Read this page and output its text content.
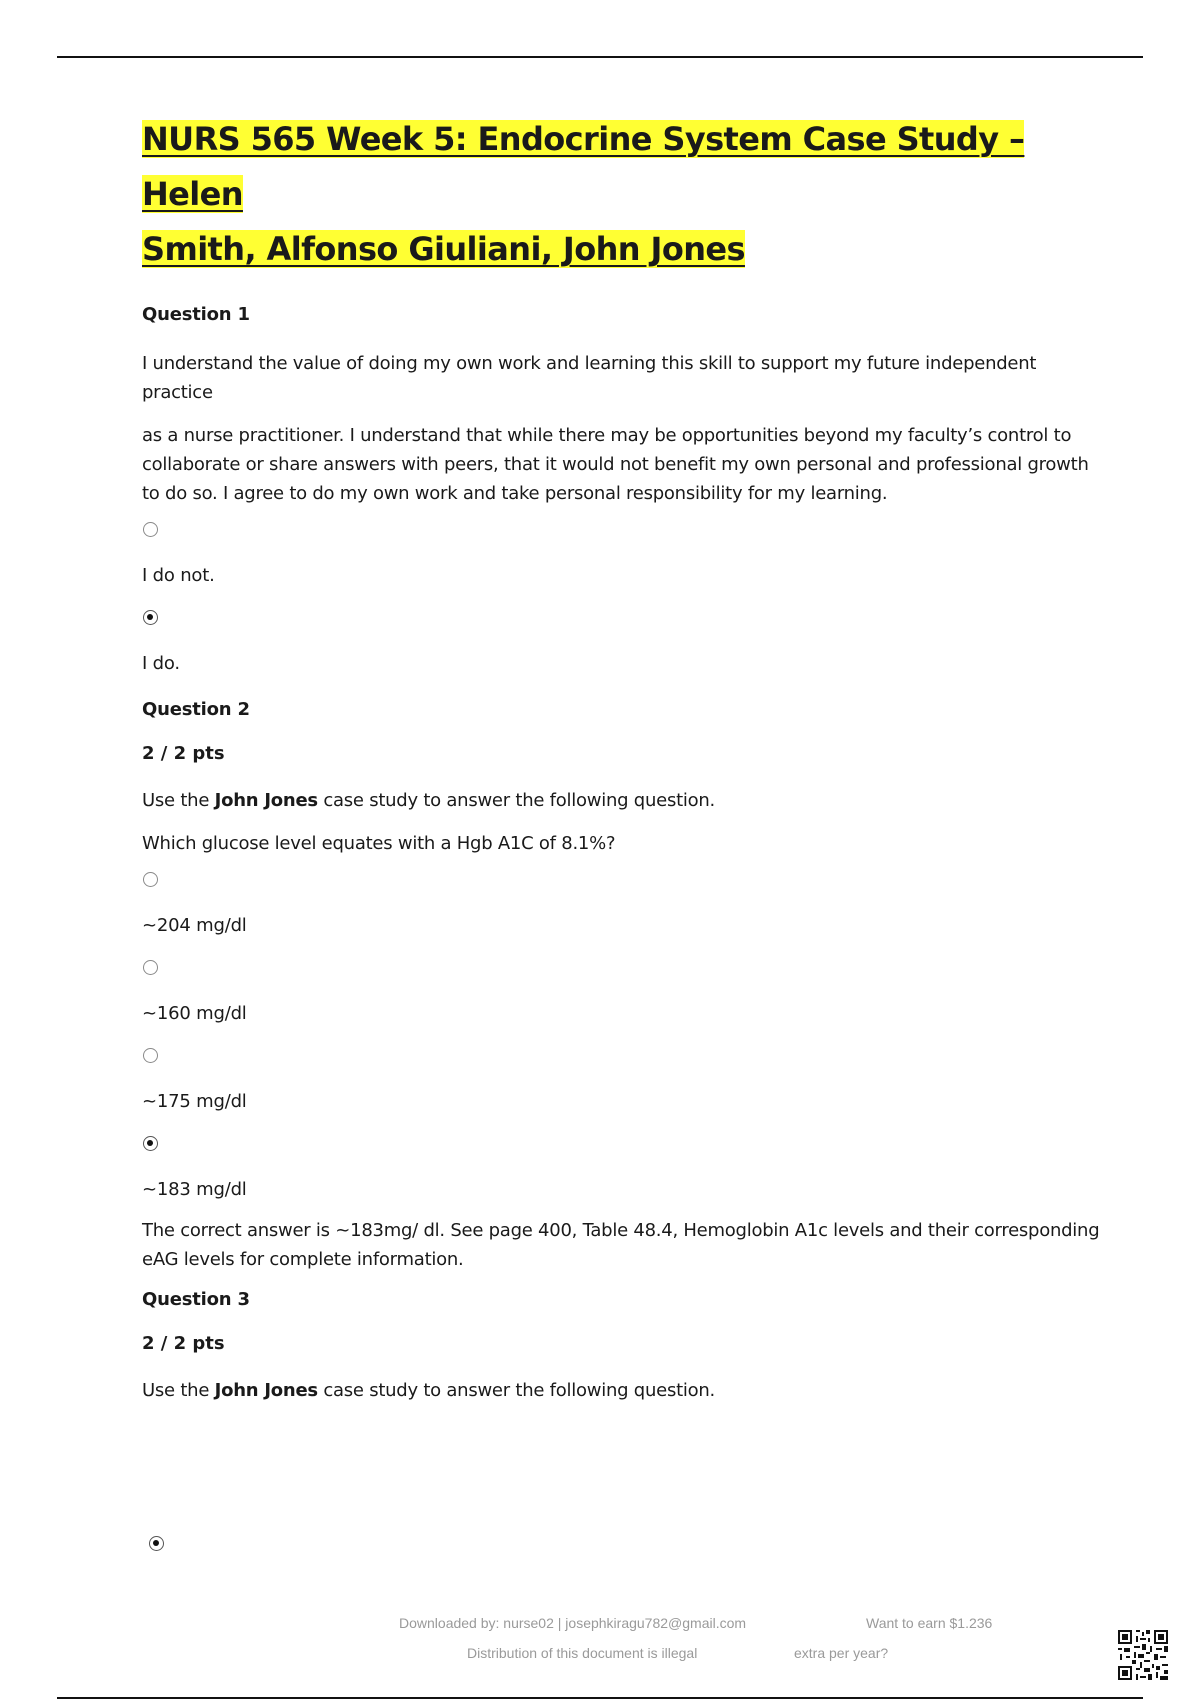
NURS 565 Week 5: Endocrine System Case Study – Helen
Smith, Alfonso Giuliani, John Jones
Question 1
I understand the value of doing my own work and learning this skill to support my future independent practice
as a nurse practitioner. I understand that while there may be opportunities beyond my faculty’s control to collaborate or share answers with peers, that it would not benefit my own personal and professional growth to do so. I agree to do my own work and take personal responsibility for my learning.
I do not.
I do.
Question 2
2 / 2 pts
Use the John Jones case study to answer the following question.
Which glucose level equates with a Hgb A1C of 8.1%?
~204 mg/dl
~160 mg/dl
~175 mg/dl
~183 mg/dl
The correct answer is ~183mg/ dl. See page 400, Table 48.4, Hemoglobin A1c levels and their corresponding eAG levels for complete information.
Question 3
2 / 2 pts
Use the John Jones case study to answer the following question.
Downloaded by: nurse02 | josephkiragu782@gmail.com	Want to earn $1.236
Distribution of this document is illegal	extra per year?
